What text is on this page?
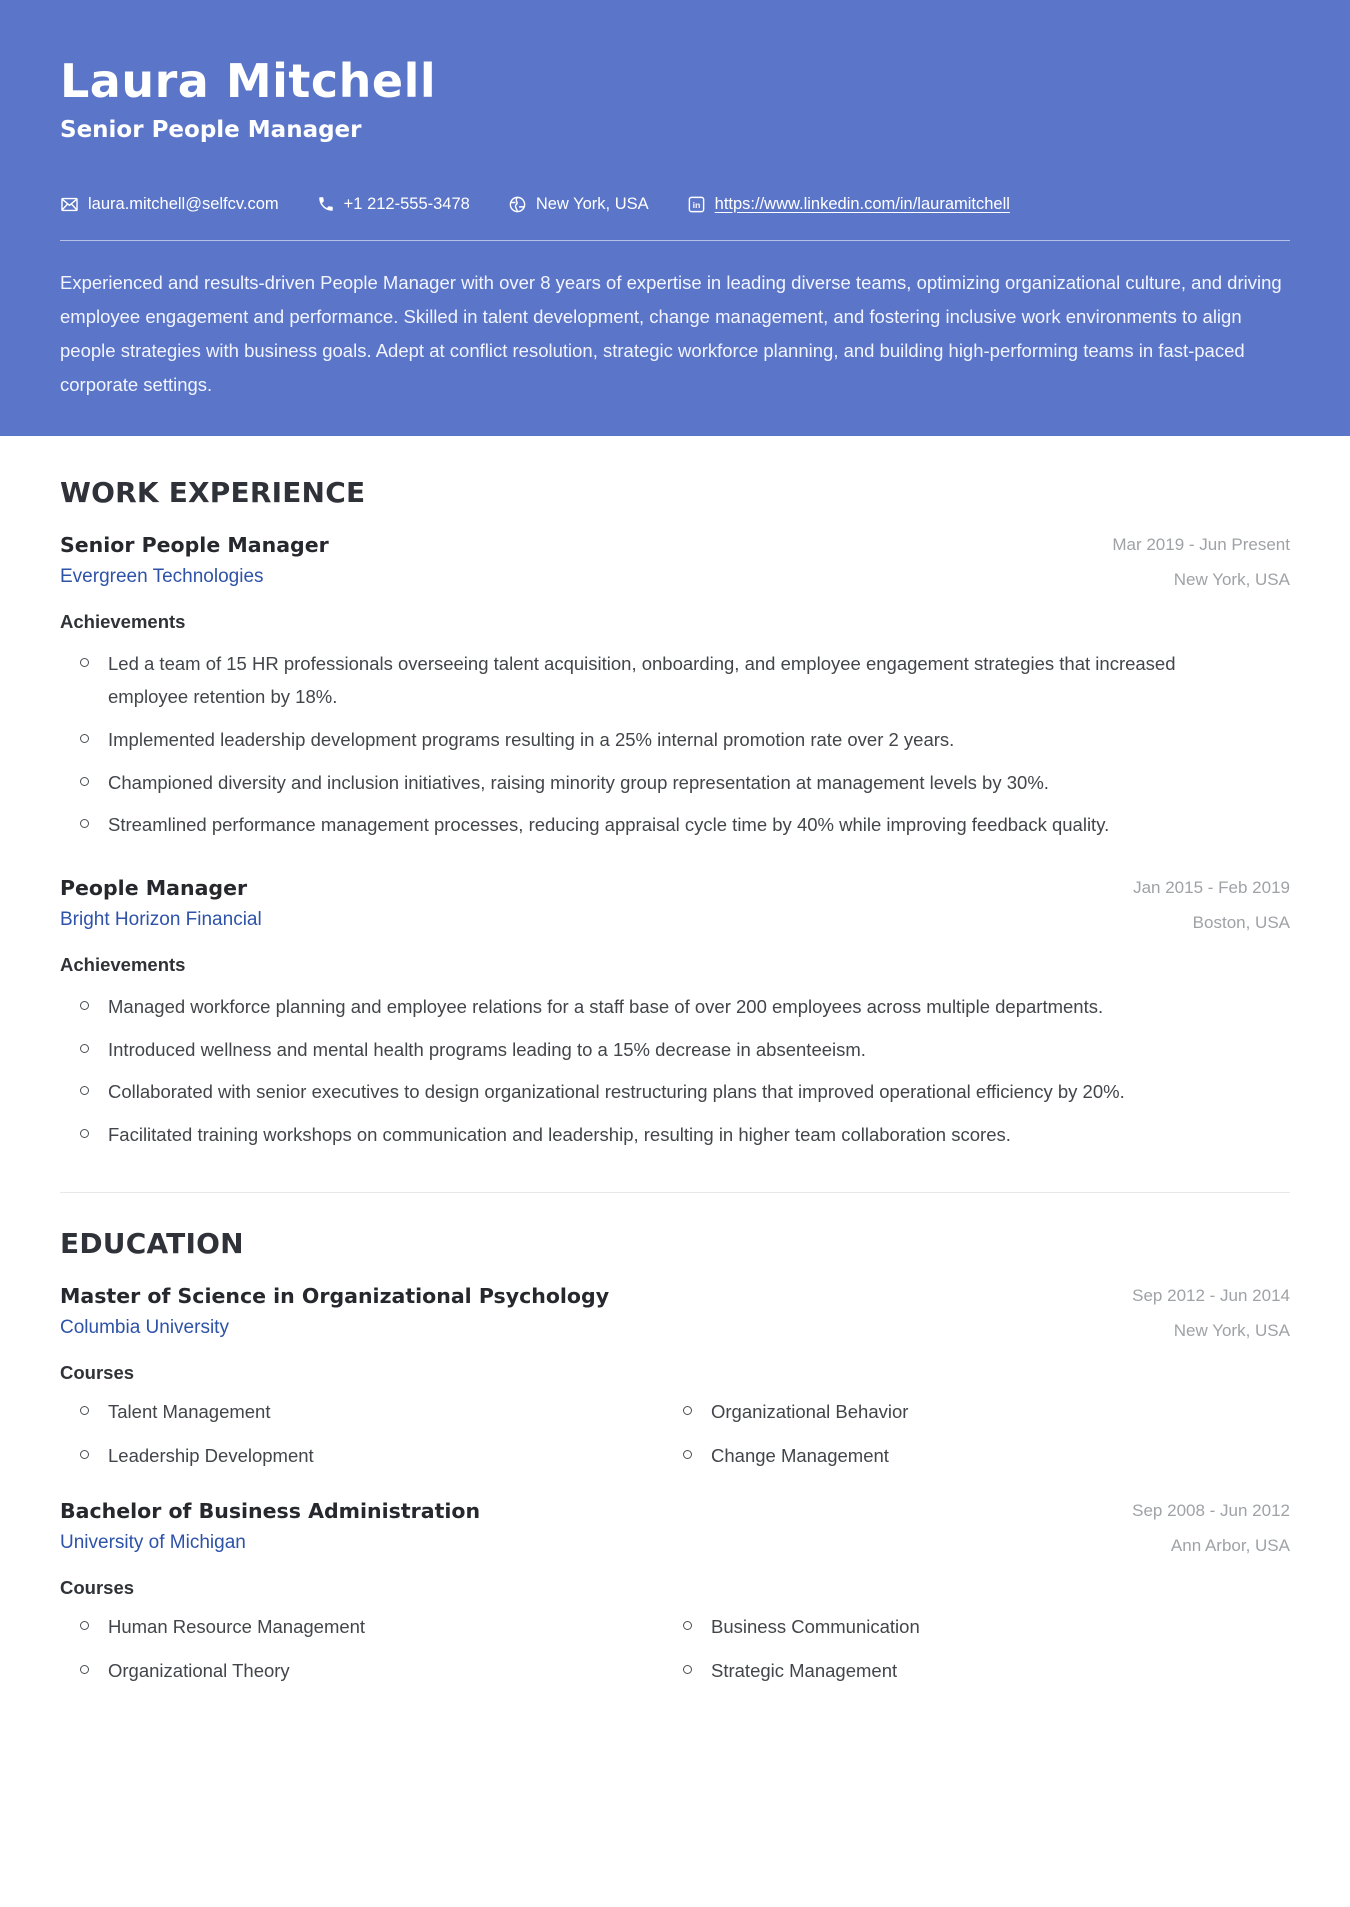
Laura Mitchell
Senior People Manager
laura.mitchell@selfcv.com	+1 212-555-3478	New York, USA	in https://www.linkedin.com/in/lauramitchell
Experienced and results-driven People Manager with over 8 years of expertise in leading diverse teams, optimizing organizational culture, and driving employee engagement and performance. Skilled in talent development, change management, and fostering inclusive work environments to align people strategies with business goals. Adept at conflict resolution, strategic workforce planning, and building high-performing teams in fast-paced corporate settings.
WORK EXPERIENCE
Senior People Manager
Evergreen Technologies
Mar 2019 - Jun Present
New York, USA
Achievements
Led a team of 15 HR professionals overseeing talent acquisition, onboarding, and employee engagement strategies that increased employee retention by 18%.
Implemented leadership development programs resulting in a 25% internal promotion rate over 2 years.
Championed diversity and inclusion initiatives, raising minority group representation at management levels by 30%.
Streamlined performance management processes, reducing appraisal cycle time by 40% while improving feedback quality.
People Manager
Bright Horizon Financial
Jan 2015 - Feb 2019
Boston, USA
Achievements
Managed workforce planning and employee relations for a staff base of over 200 employees across multiple departments.
Introduced wellness and mental health programs leading to a 15% decrease in absenteeism.
Collaborated with senior executives to design organizational restructuring plans that improved operational efficiency by 20%.
Facilitated training workshops on communication and leadership, resulting in higher team collaboration scores.
EDUCATION
Master of Science in Organizational Psychology
Columbia University
Sep 2012 - Jun 2014
New York, USA
Courses
Talent Management	Organizational Behavior
Leadership Development	Change Management
Bachelor of Business Administration
University of Michigan
Sep 2008 - Jun 2012
Ann Arbor, USA
Courses
Human Resource Management	Business Communication
Organizational Theory	Strategic Management
